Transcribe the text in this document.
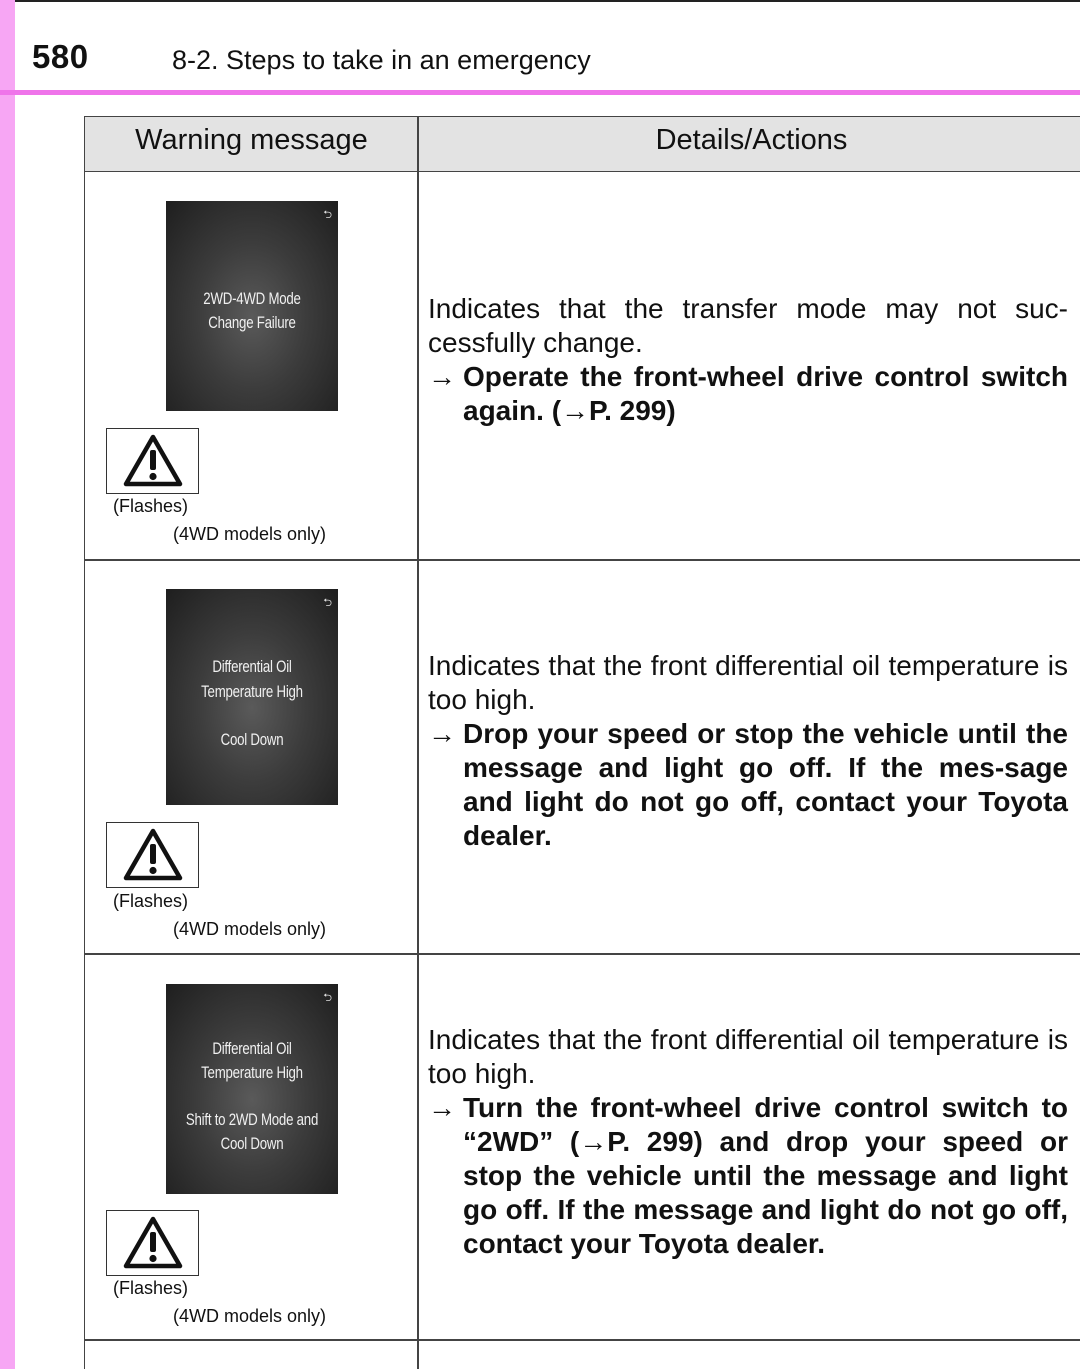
580	8-2. Steps to take in an emergency
Warning message	Details/Actions
⮌
2WD-4WD Mode
Change Failure
(Flashes)
(4WD models only)
Indicates that the transfer mode may not suc-cessfully change.
→ Operate the front-wheel drive control switch again. (→P. 299)
⮌
Differential Oil
Temperature High
Cool Down
(Flashes)
(4WD models only)
Indicates that the front differential oil temperature is too high.
→ Drop your speed or stop the vehicle until the message and light go off. If the mes-sage and light do not go off, contact your Toyota dealer.
⮌
Differential Oil
Temperature High
Shift to 2WD Mode and
Cool Down
(Flashes)
(4WD models only)
Indicates that the front differential oil temperature is too high.
→ Turn the front-wheel drive control switch to “2WD” (→P. 299) and drop your speed or stop the vehicle until the message and light go off. If the message and light do not go off, contact your Toyota dealer.
